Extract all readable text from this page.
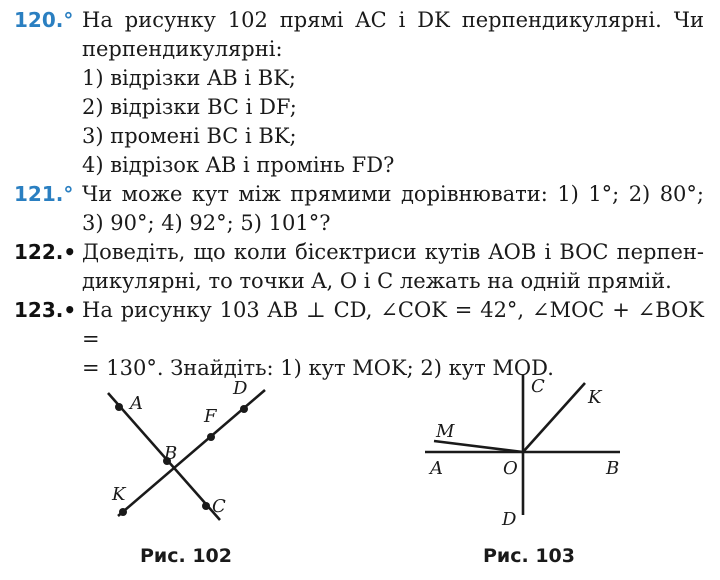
120.° На рисунку 102 прямі AC і DK перпендикулярні. Чи
перпендикулярні:
1) відрізки AB і BK;
2) відрізки BC і DF;
3) промені BC і BK;
4) відрізок AB і промінь FD?
121.° Чи може кут між прямими дорівнювати: 1) 1°; 2) 80°;
3) 90°; 4) 92°; 5) 101°?
122.• Доведіть, що коли бісектриси кутів AOB і BOC перпен-
дикулярні, то точки A, O і C лежать на одній прямій.
123.• На рисунку 103 AB ⊥ CD, ∠COK = 42°, ∠MOC + ∠BOK =
= 130°. Знайдіть: 1) кут MOK; 2) кут MOD.
A
B
C
D
F
K
Рис. 102
M
A	O	B
C
K
D
Рис. 103
